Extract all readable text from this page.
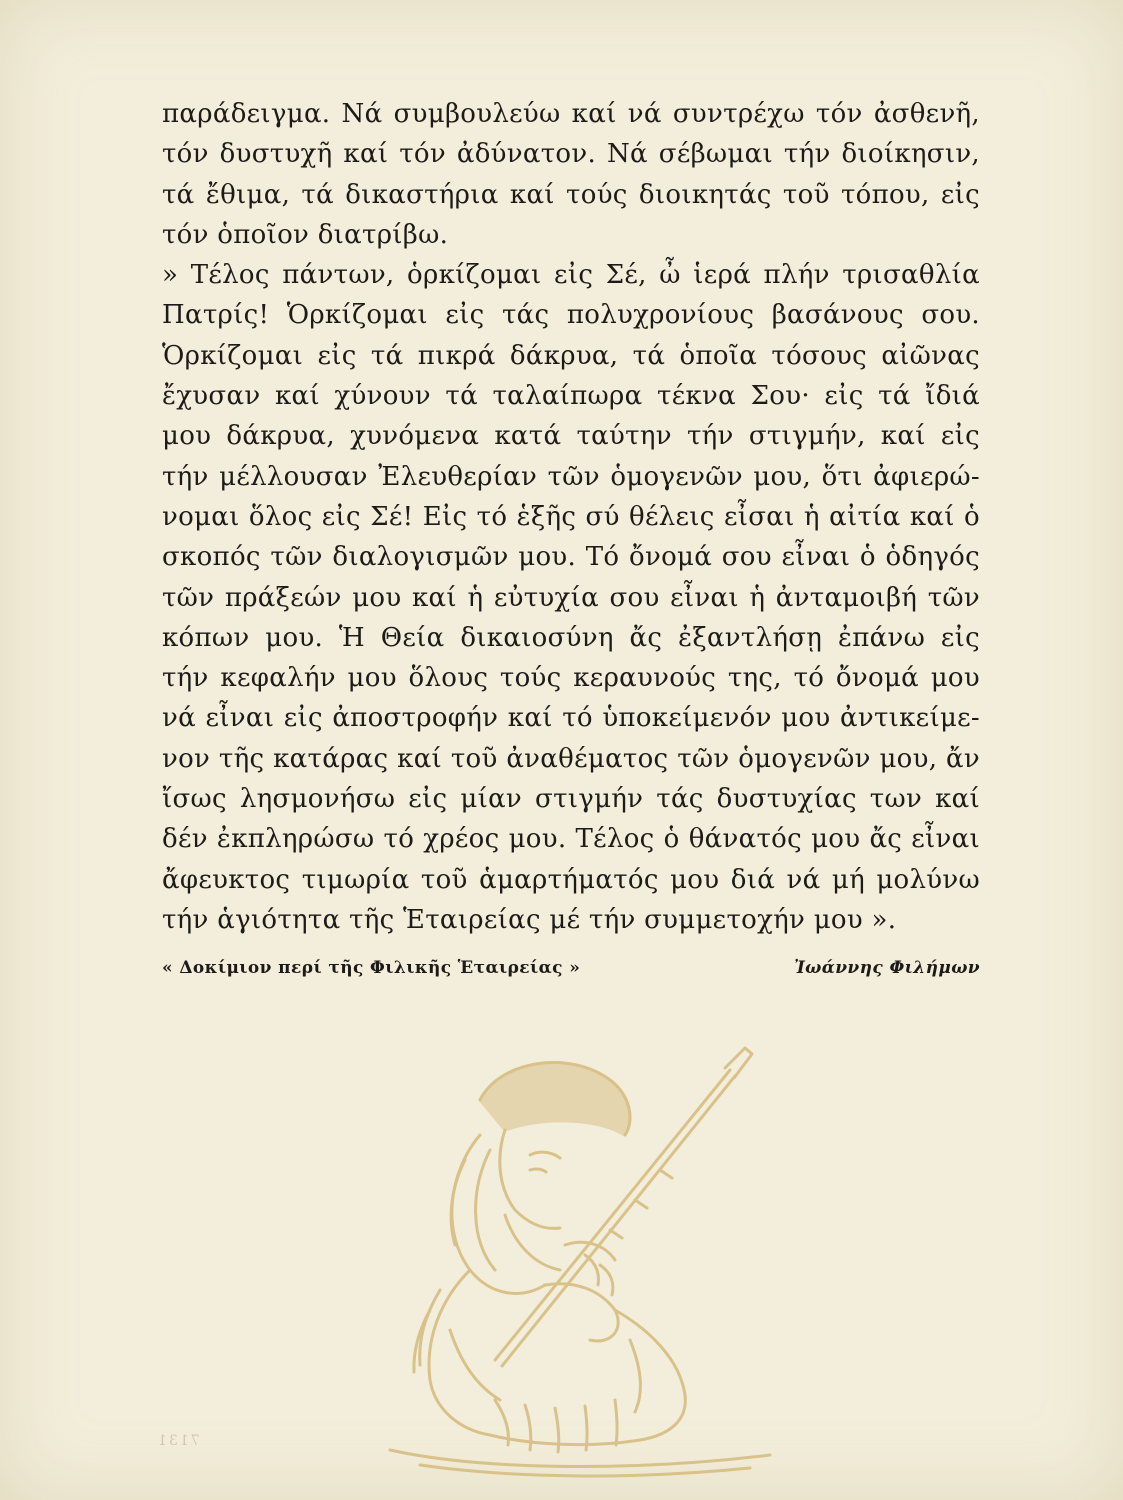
παράδειγμα. Νά συμβουλεύω καί νά συντρέχω τόν ἀσθενῆ,
τόν δυστυχῆ καί τόν ἀδύνατον. Νά σέβωμαι τήν διοίκησιν,
τά ἔθιμα, τά δικαστήρια καί τούς διοικητάς τοῦ τόπου, εἰς
τόν ὁποῖον διατρίβω.
» Τέλος πάντων, ὁρκίζομαι εἰς Σέ, ὦ ἱερά πλήν τρισαθλία
Πατρίς! Ὁρκίζομαι εἰς τάς πολυχρονίους βασάνους σου.
Ὁρκίζομαι εἰς τά πικρά δάκρυα, τά ὁποῖα τόσους αἰῶνας
ἔχυσαν καί χύνουν τά ταλαίπωρα τέκνα Σου· εἰς τά ἴδιά
μου δάκρυα, χυνόμενα κατά ταύτην τήν στιγμήν, καί εἰς
τήν μέλλουσαν Ἐλευθερίαν τῶν ὁμογενῶν μου, ὅτι ἀφιερώ-
νομαι ὅλος εἰς Σέ! Εἰς τό ἑξῆς σύ θέλεις εἶσαι ἡ αἰτία καί ὁ
σκοπός τῶν διαλογισμῶν μου. Τό ὄνομά σου εἶναι ὁ ὁδηγός
τῶν πράξεών μου καί ἡ εὐτυχία σου εἶναι ἡ ἀνταμοιβή τῶν
κόπων μου. Ἡ Θεία δικαιοσύνη ἄς ἐξαντλήσῃ ἐπάνω εἰς
τήν κεφαλήν μου ὅλους τούς κεραυνούς της, τό ὄνομά μου
νά εἶναι εἰς ἀποστροφήν καί τό ὑποκείμενόν μου ἀντικείμε-
νον τῆς κατάρας καί τοῦ ἀναθέματος τῶν ὁμογενῶν μου, ἄν
ἴσως λησμονήσω εἰς μίαν στιγμήν τάς δυστυχίας των καί
δέν ἐκπληρώσω τό χρέος μου. Τέλος ὁ θάνατός μου ἄς εἶναι
ἄφευκτος τιμωρία τοῦ ἁμαρτήματός μου διά νά μή μολύνω
τήν ἁγιότητα τῆς Ἑταιρείας μέ τήν συμμετοχήν μου ».
« Δοκίμιον περί τῆς Φιλικῆς Ἑταιρείας »	Ἰωάννης Φιλήμων
7131
